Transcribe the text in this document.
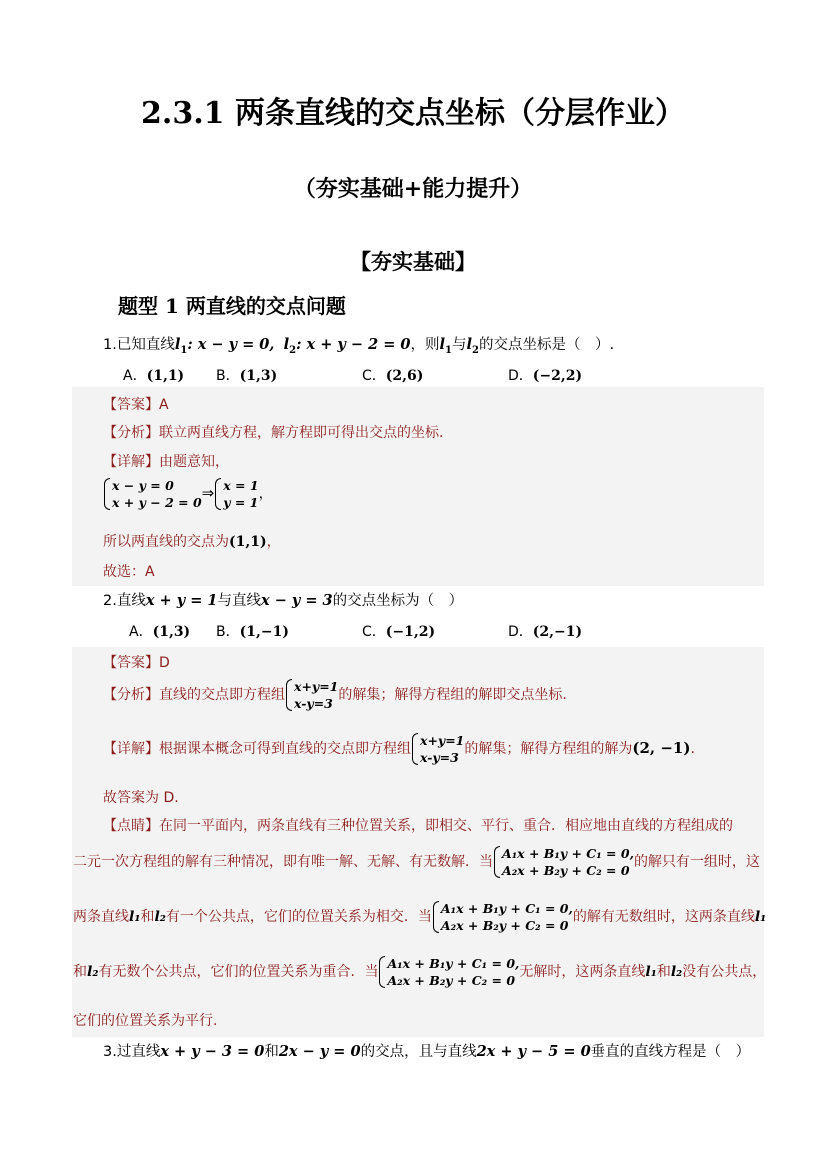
2.3.1 两条直线的交点坐标（分层作业）
（夯实基础+能力提升）
【夯实基础】
题型 1 两直线的交点问题
1.已知直线$l_1$: x − y = 0, $l_2$: x + y − 2 = 0，则$l_1$与$l_2$的交点坐标是（　）.
A．(1,1) B．(1,3)	C．(2,6)	D．(−2,2)
【答案】A
【分析】联立两直线方程，解方程即可得出交点的坐标.
【详解】由题意知，
x − y = 0
x + y − 2 = 0
⇒ x = 1
y = 1
，
所以两直线的交点为(1,1)，
故选：A
2.直线x + y = 1与直线x − y = 3的交点坐标为（　）
A．(1,3) B．(1,−1)	C．(−1,2)	D．(2,−1)
【答案】D
【分析】直线的交点即方程组
x+y=1
x-y=3
的解集；解得方程组的解即交点坐标.
【详解】根据课本概念可得到直线的交点即方程组
x+y=1
x-y=3
的解集；解得方程组的解为(2, −1).
故答案为 D.
【点睛】在同一平面内，两条直线有三种位置关系，即相交、平行、重合．相应地由直线的方程组成的
二元一次方程组的解有三种情况，即有唯一解、无解、有无数解．当
A₁x + B₁y + C₁ = 0,
A₂x + B₂y + C₂ = 0
的解只有一组时，这
两条直线l₁和l₂有一个公共点，它们的位置关系为相交．当
A₁x + B₁y + C₁ = 0,
A₂x + B₂y + C₂ = 0
的解有无数组时，这两条直线l₁
和l₂有无数个公共点，它们的位置关系为重合．当
A₁x + B₁y + C₁ = 0,
A₂x + B₂y + C₂ = 0
无解时，这两条直线l₁和l₂没有公共点，
它们的位置关系为平行.
3.过直线x + y − 3 = 0和2x − y = 0的交点，且与直线2x + y − 5 = 0垂直的直线方程是（　）
